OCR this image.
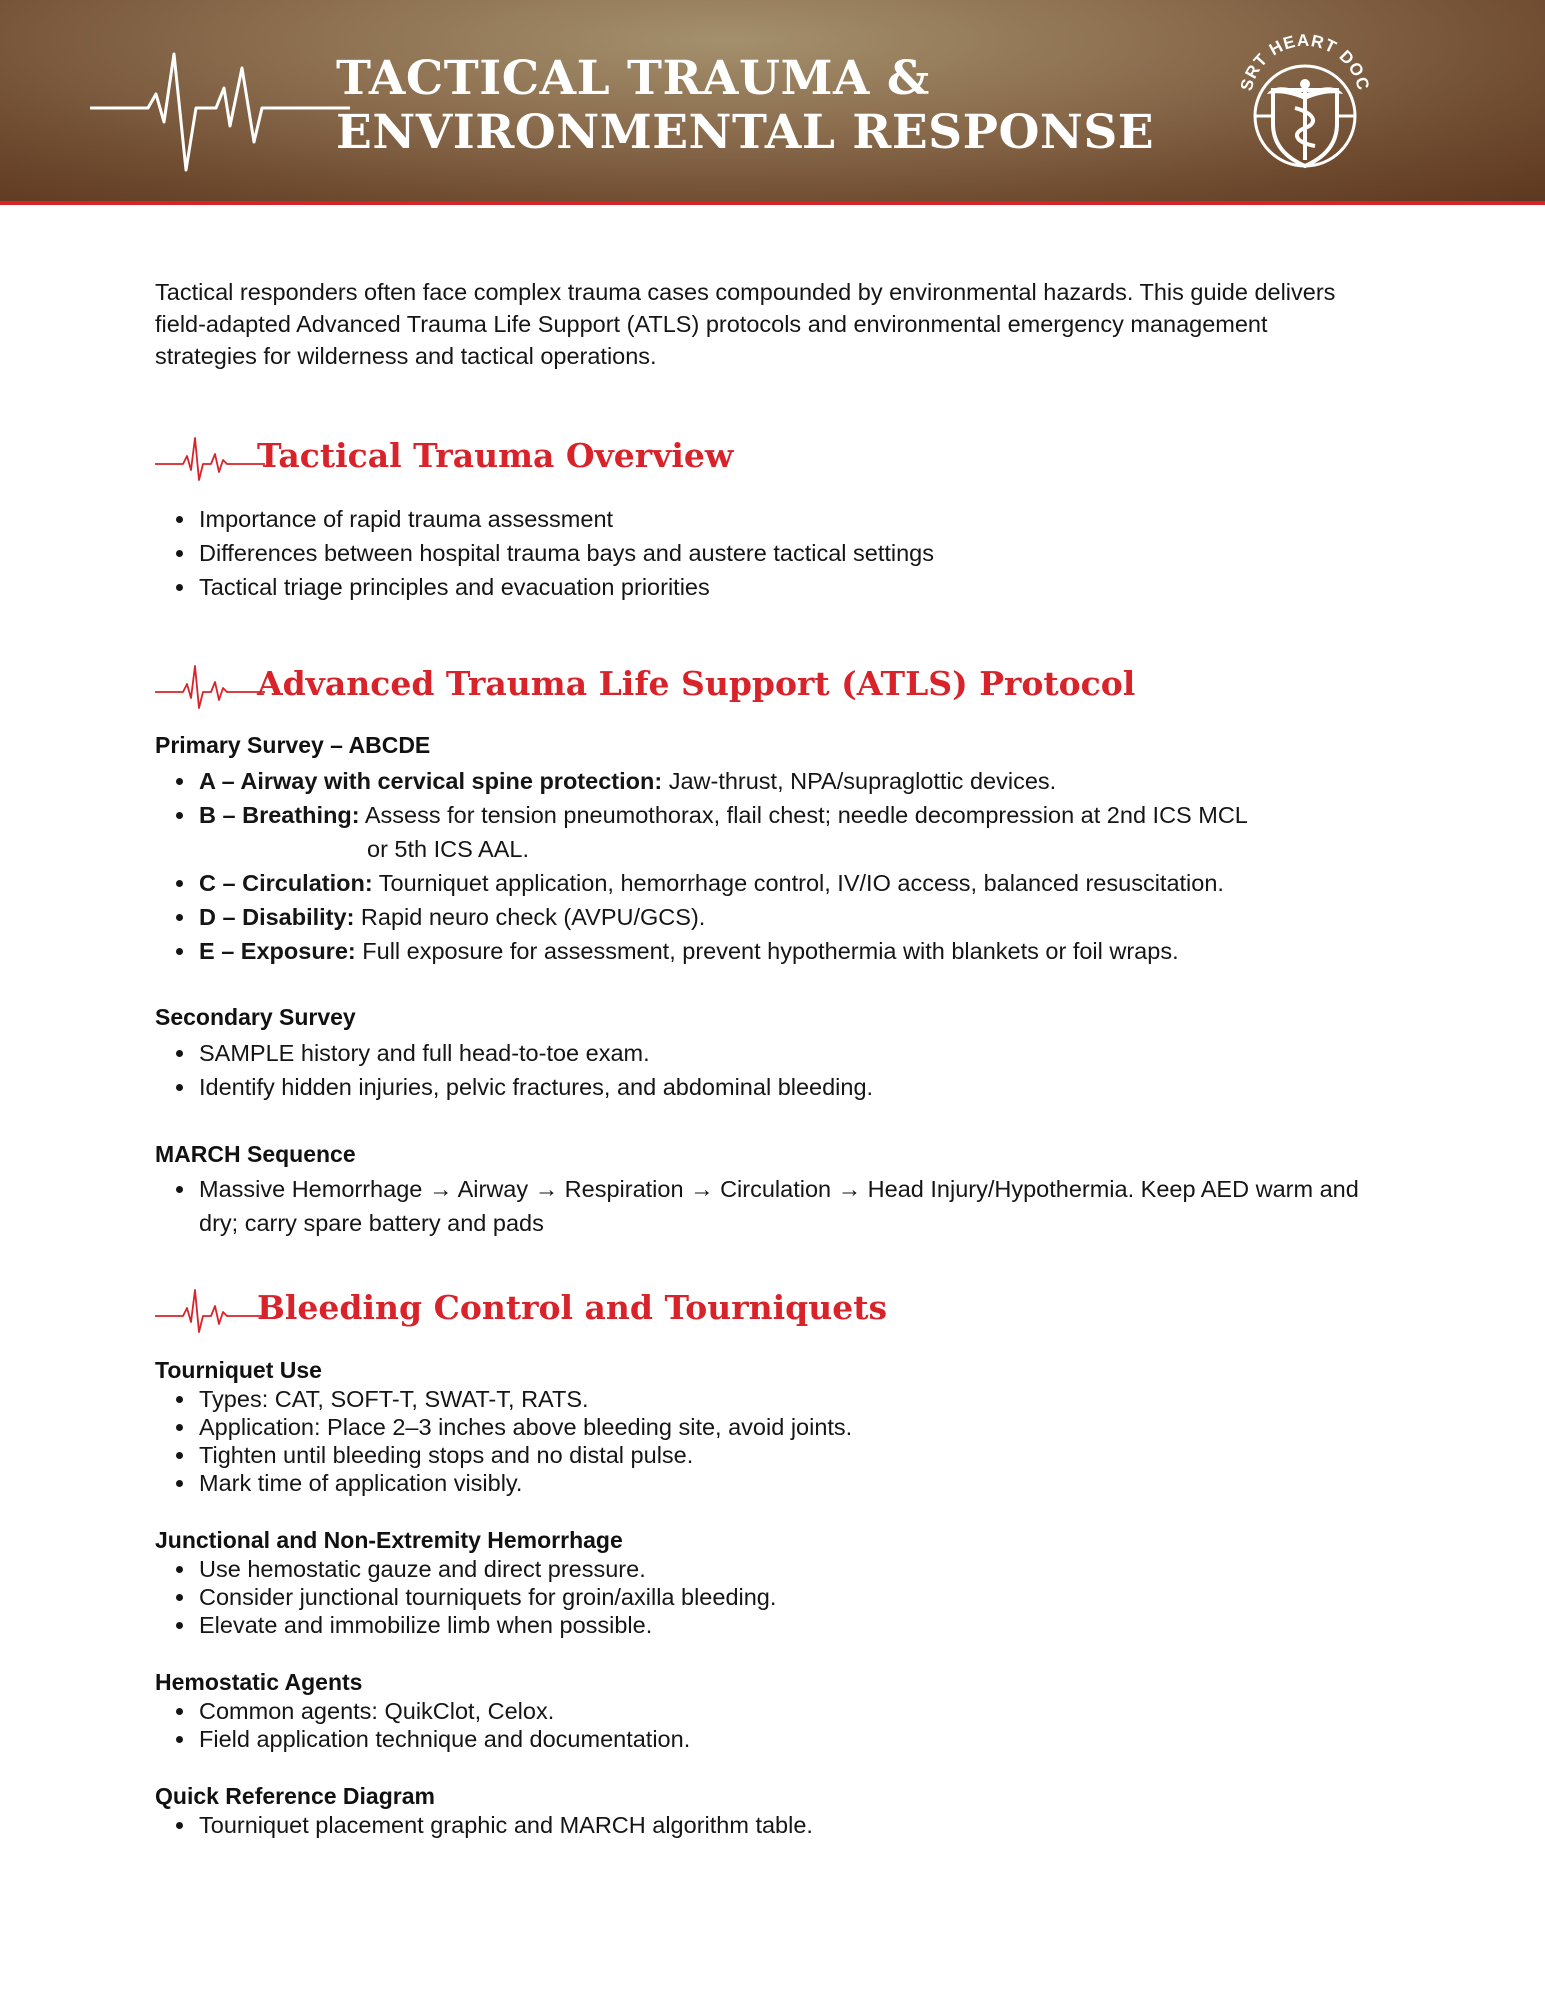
TACTICAL TRAUMA &
ENVIRONMENTAL RESPONSE
SRT HEART DOC
Tactical responders often face complex trauma cases compounded by environmental hazards. This guide delivers field-adapted Advanced Trauma Life Support (ATLS) protocols and environmental emergency management strategies for wilderness and tactical operations.
Tactical Trauma Overview
• Importance of rapid trauma assessment
• Differences between hospital trauma bays and austere tactical settings
• Tactical triage principles and evacuation priorities
Advanced Trauma Life Support (ATLS) Protocol
Primary Survey – ABCDE
• A – Airway with cervical spine protection: Jaw-thrust, NPA/supraglottic devices.
• B – Breathing: Assess for tension pneumothorax, flail chest; needle decompression at 2nd ICS MCL
or 5th ICS AAL.
• C – Circulation: Tourniquet application, hemorrhage control, IV/IO access, balanced resuscitation.
• D – Disability: Rapid neuro check (AVPU/GCS).
• E – Exposure: Full exposure for assessment, prevent hypothermia with blankets or foil wraps.
Secondary Survey
• SAMPLE history and full head-to-toe exam.
• Identify hidden injuries, pelvic fractures, and abdominal bleeding.
MARCH Sequence
• Massive Hemorrhage → Airway → Respiration → Circulation → Head Injury/Hypothermia. Keep AED warm and dry; carry spare battery and pads
Bleeding Control and Tourniquets
Tourniquet Use
• Types: CAT, SOFT-T, SWAT-T, RATS.
• Application: Place 2–3 inches above bleeding site, avoid joints.
• Tighten until bleeding stops and no distal pulse.
• Mark time of application visibly.
Junctional and Non-Extremity Hemorrhage
• Use hemostatic gauze and direct pressure.
• Consider junctional tourniquets for groin/axilla bleeding.
• Elevate and immobilize limb when possible.
Hemostatic Agents
• Common agents: QuikClot, Celox.
• Field application technique and documentation.
Quick Reference Diagram
• Tourniquet placement graphic and MARCH algorithm table.
